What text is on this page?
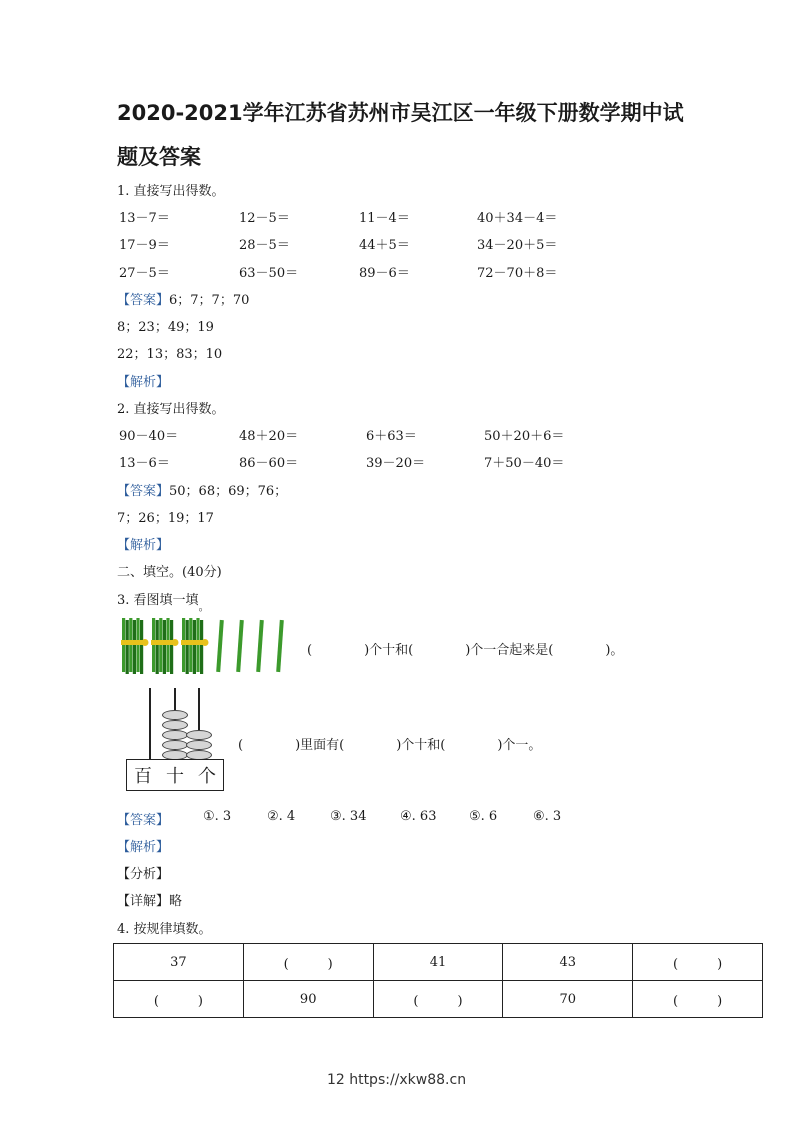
2020-2021学年江苏省苏州市吴江区一年级下册数学期中试
题及答案
1. 直接写出得数。
13－7＝	12－5＝	11－4＝	40＋34－4＝
17－9＝	28－5＝	44＋5＝	34－20＋5＝
27－5＝	63－50＝	89－6＝	72－70＋8＝
【答案】6；7；7；70
8；23；49；19
22；13；83；10
【解析】
2. 直接写出得数。
90－40＝	48＋20＝	6＋63＝	50＋20＋6＝
13－6＝	86－60＝	39－20＝	7＋50－40＝
【答案】50；68；69；76；
7；26；19；17
【解析】
二、填空。(40分)
3. 看图填一填$_。$
(　　　　)个十和(　　　　)个一合起来是(　　　　)。
百 十 个
(　　　　)里面有(　　　　)个十和(　　　　)个一。
【答案】	①. 3	②. 4	③. 34	④. 63	⑤. 6	⑥. 3
【解析】
【分析】
【详解】略
4. 按规律填数。
37	(　　　)	41	43	(　　　)
(　　　)	90	(　　　)	70	(　　　)
12 https://xkw88.cn
